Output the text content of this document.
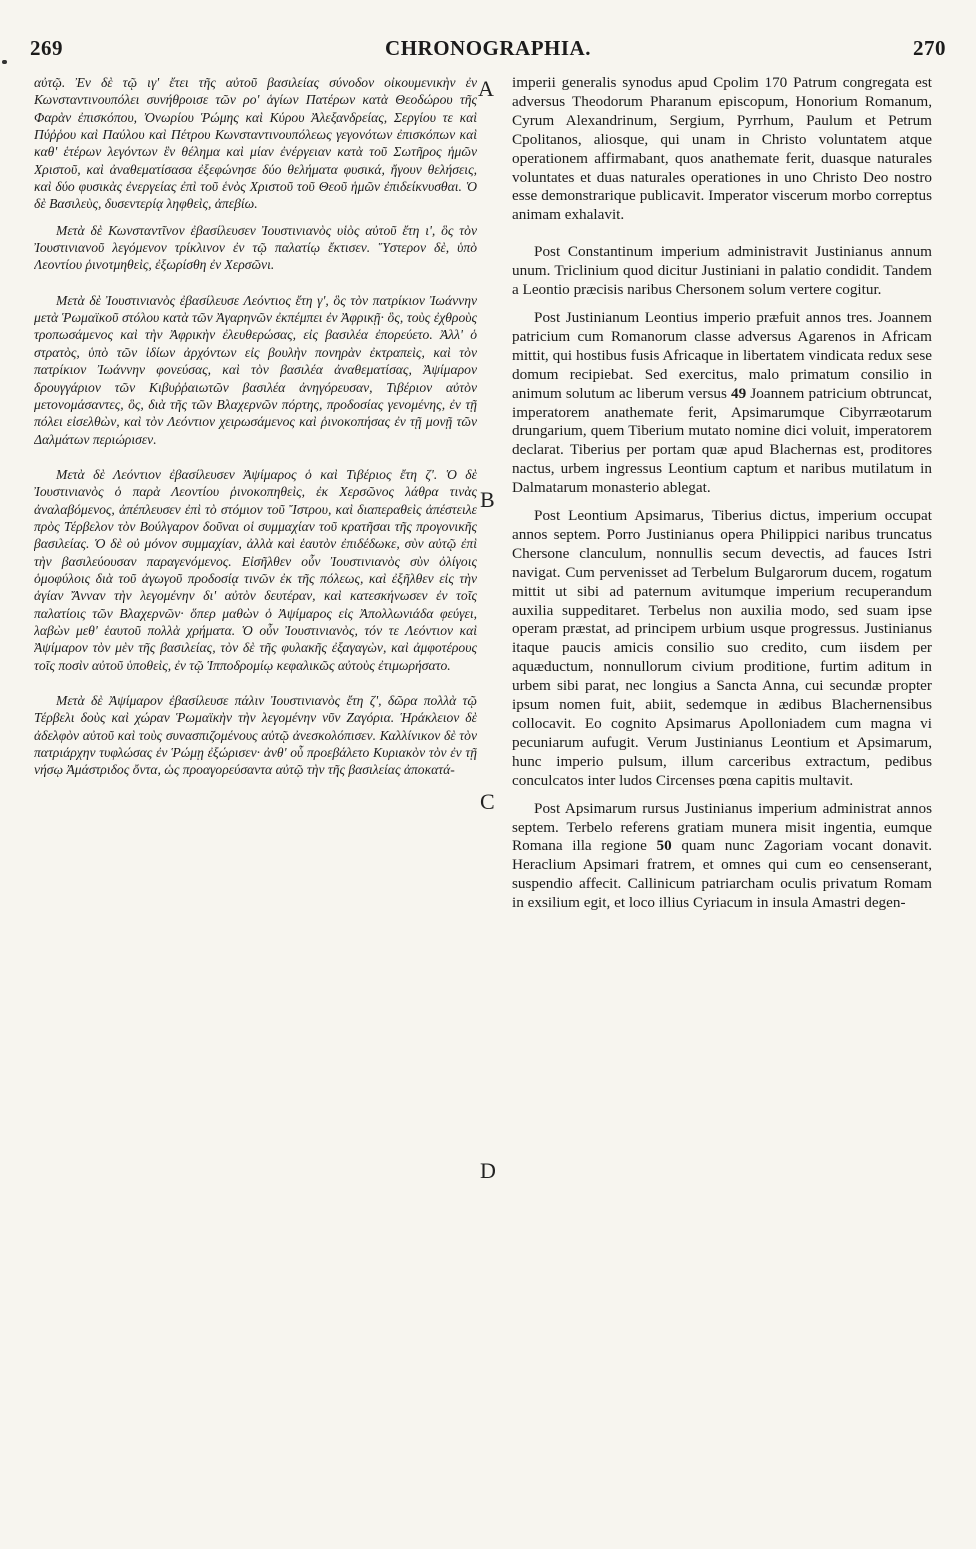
269	CHRONOGRAPHIA.	270

αὐτῷ. Ἐν δὲ τῷ ιγ' ἔτει τῆς αὐτοῦ βασιλείας σύνοδον οἰκουμενικὴν ἐν Κωνσταντινουπόλει συνήθροισε τῶν ρο' ἁγίων Πατέρων κατὰ Θεοδώρου τῆς Φαρὰν ἐπισκόπου, Ὀνωρίου Ῥώμης καὶ Κύρου Ἀλεξανδρείας, Σεργίου τε καὶ Πύῤῥου καὶ Παύλου καὶ Πέτρου Κωνσταντινουπόλεως γεγονότων ἐπισκόπων καὶ καθ' ἑτέρων λεγόντων ἓν θέλημα καὶ μίαν ἐνέργειαν κατὰ τοῦ Σωτῆρος ἡμῶν Χριστοῦ, καὶ ἀναθεματίσασα ἐξεφώνησε δύο θελήματα φυσικά, ἤγουν θελήσεις, καὶ δύο φυσικὰς ἐνεργείας ἐπὶ τοῦ ἑνὸς Χριστοῦ τοῦ Θεοῦ ἡμῶν ἐπιδείκνυσθαι. Ὁ δὲ Βασιλεὺς, δυσεντερίᾳ ληφθεὶς, ἀπεβίω.

Μετὰ δὲ Κωνσταντῖνον ἐβασίλευσεν Ἰουστινιανὸς υἱὸς αὐτοῦ ἔτη ι', ὃς τὸν Ἰουστινιανοῦ λεγόμενον τρίκλινον ἐν τῷ παλατίῳ ἔκτισεν. Ὕστερον δὲ, ὑπὸ Λεοντίου ῥινοτμηθεὶς, ἐξωρίσθη ἐν Χερσῶνι.

Μετὰ δὲ Ἰουστινιανὸς ἐβασίλευσε Λεόντιος ἔτη γ', ὃς τὸν πατρίκιον Ἰωάννην μετὰ Ῥωμαϊκοῦ στόλου κατὰ τῶν Ἀγαρηνῶν ἐκπέμπει ἐν Ἀφρικῇ· ὃς, τοὺς ἐχθροὺς τροπωσάμενος καὶ τὴν Ἀφρικὴν ἐλευθερώσας, εἰς βασιλέα ἐπορεύετο. Ἀλλ' ὁ στρατὸς, ὑπὸ τῶν ἰδίων ἀρχόντων εἰς βουλὴν πονηρὰν ἐκτραπεὶς, καὶ τὸν πατρίκιον Ἰωάννην φονεύσας, καὶ τὸν βασιλέα ἀναθεματίσας, Ἀψίμαρον δρουγγάριον τῶν Κιβυῤῥαιωτῶν βασιλέα ἀνηγόρευσαν, Τιβέριον αὐτὸν μετονομάσαντες, ὃς, διὰ τῆς τῶν Βλαχερνῶν πόρτης, προδοσίας γενομένης, ἐν τῇ πόλει εἰσελθὼν, καὶ τὸν Λεόντιον χειρωσάμενος καὶ ῥινοκοπήσας ἐν τῇ μονῇ τῶν Δαλμάτων περιώρισεν.

Μετὰ δὲ Λεόντιον ἐβασίλευσεν Ἀψίμαρος ὁ καὶ Τιβέριος ἔτη ζ'. Ὁ δὲ Ἰουστινιανὸς ὁ παρὰ Λεοντίου ῥινοκοπηθεὶς, ἐκ Χερσῶνος λάθρα τινὰς ἀναλαβόμενος, ἀπέπλευσεν ἐπὶ τὸ στόμιον τοῦ Ἴστρου, καὶ διαπεραθεὶς ἀπέστειλε πρὸς Τέρβελον τὸν Βούλγαρον δοῦναι οἱ συμμαχίαν τοῦ κρατῆσαι τῆς προγονικῆς βασιλείας. Ὁ δὲ οὐ μόνον συμμαχίαν, ἀλλὰ καὶ ἑαυτὸν ἐπιδέδωκε, σὺν αὐτῷ ἐπὶ τὴν βασιλεύουσαν παραγενόμενος. Εἰσῆλθεν οὖν Ἰουστινιανὸς σὺν ὀλίγοις ὁμοφύλοις διὰ τοῦ ἀγωγοῦ προδοσίᾳ τινῶν ἐκ τῆς πόλεως, καὶ ἐξῆλθεν εἰς τὴν ἁγίαν Ἄνναν τὴν λεγομένην δι' αὐτὸν δευτέραν, καὶ κατεσκήνωσεν ἐν τοῖς παλατίοις τῶν Βλαχερνῶν· ὅπερ μαθὼν ὁ Ἀψίμαρος εἰς Ἀπολλωνιάδα φεύγει, λαβὼν μεθ' ἑαυτοῦ πολλὰ χρήματα. Ὁ οὖν Ἰουστινιανὸς, τόν τε Λεόντιον καὶ Ἀψίμαρον τὸν μὲν τῆς βασιλείας, τὸν δὲ τῆς φυλακῆς ἐξαγαγὼν, καὶ ἀμφοτέρους τοῖς ποσὶν αὐτοῦ ὑποθεὶς, ἐν τῷ Ἱπποδρομίῳ κεφαλικῶς αὐτοὺς ἐτιμωρήσατο.

Μετὰ δὲ Ἀψίμαρον ἐβασίλευσε πάλιν Ἰουστινιανὸς ἔτη ζ', δῶρα πολλὰ τῷ Τέρβελι δοὺς καὶ χώραν Ῥωμαϊκὴν τὴν λεγομένην νῦν Ζαγόρια. Ἡράκλειον δὲ ἀδελφὸν αὐτοῦ καὶ τοὺς συνασπιζομένους αὐτῷ ἀνεσκολόπισεν. Καλλίνικον δὲ τὸν πατριάρχην τυφλώσας ἐν Ῥώμῃ ἐξώρισεν· ἀνθ' οὗ προεβάλετο Κυριακὸν τὸν ἐν τῇ νήσῳ Ἀμάστριδος ὄντα, ὡς προαγορεύσαντα αὐτῷ τὴν τῆς βασιλείας ἀποκατά-

A
B
C
D

imperii generalis synodus apud Cpolim 170 Patrum congregata est adversus Theodorum Pharanum episcopum, Honorium Romanum, Cyrum Alexandrinum, Sergium, Pyrrhum, Paulum et Petrum Cpolitanos, aliosque, qui unam in Christo voluntatem atque operationem affirmabant, quos anathemate ferit, duasque naturales voluntates et duas naturales operationes in uno Christo Deo nostro esse demonstrarique publicavit. Imperator viscerum morbo correptus animam exhalavit.

Post Constantinum imperium administravit Justinianus annum unum. Triclinium quod dicitur Justiniani in palatio condidit. Tandem a Leontio præcisis naribus Chersonem solum vertere cogitur.

Post Justinianum Leontius imperio præfuit annos tres. Joannem patricium cum Romanorum classe adversus Agarenos in Africam mittit, qui hostibus fusis Africaque in libertatem vindicata redux sese domum recipiebat. Sed exercitus, malo primatum consilio in animum solutum ac liberum versus 49 Joannem patricium obtruncat, imperatorem anathemate ferit, Apsimarumque Cibyrræotarum drungarium, quem Tiberium mutato nomine dici voluit, imperatorem declarat. Tiberius per portam quæ apud Blachernas est, proditores nactus, urbem ingressus Leontium captum et naribus mutilatum in Dalmatarum monasterio ablegat.

Post Leontium Apsimarus, Tiberius dictus, imperium occupat annos septem. Porro Justinianus opera Philippici naribus truncatus Chersone clanculum, nonnullis secum devectis, ad fauces Istri navigat. Cum pervenisset ad Terbelum Bulgarorum ducem, rogatum mittit ut sibi ad paternum avitumque imperium recuperandum auxilia suppeditaret. Terbelus non auxilia modo, sed suam ipse operam præstat, ad principem urbium usque progressus. Justinianus itaque paucis amicis consilio suo credito, cum iisdem per aquæductum, nonnullorum civium proditione, furtim aditum in urbem sibi parat, nec longius a Sancta Anna, cui secundæ propter ipsum nomen fuit, abiit, sedemque in ædibus Blachernensibus collocavit. Eo cognito Apsimarus Apolloniadem cum magna vi pecuniarum aufugit. Verum Justinianus Leontium et Apsimarum, hunc imperio pulsum, illum carceribus extractum, pedibus conculcatos inter ludos Circenses pœna capitis multavit.

Post Apsimarum rursus Justinianus imperium administrat annos septem. Terbelo referens gratiam munera misit ingentia, eumque Romana illa regione 50 quam nunc Zagoriam vocant donavit. Heraclium Apsimari fratrem, et omnes qui cum eo censenserant, suspendio affecit. Callinicum patriarcham oculis privatum Romam in exsilium egit, et loco illius Cyriacum in insula Amastri degen-
